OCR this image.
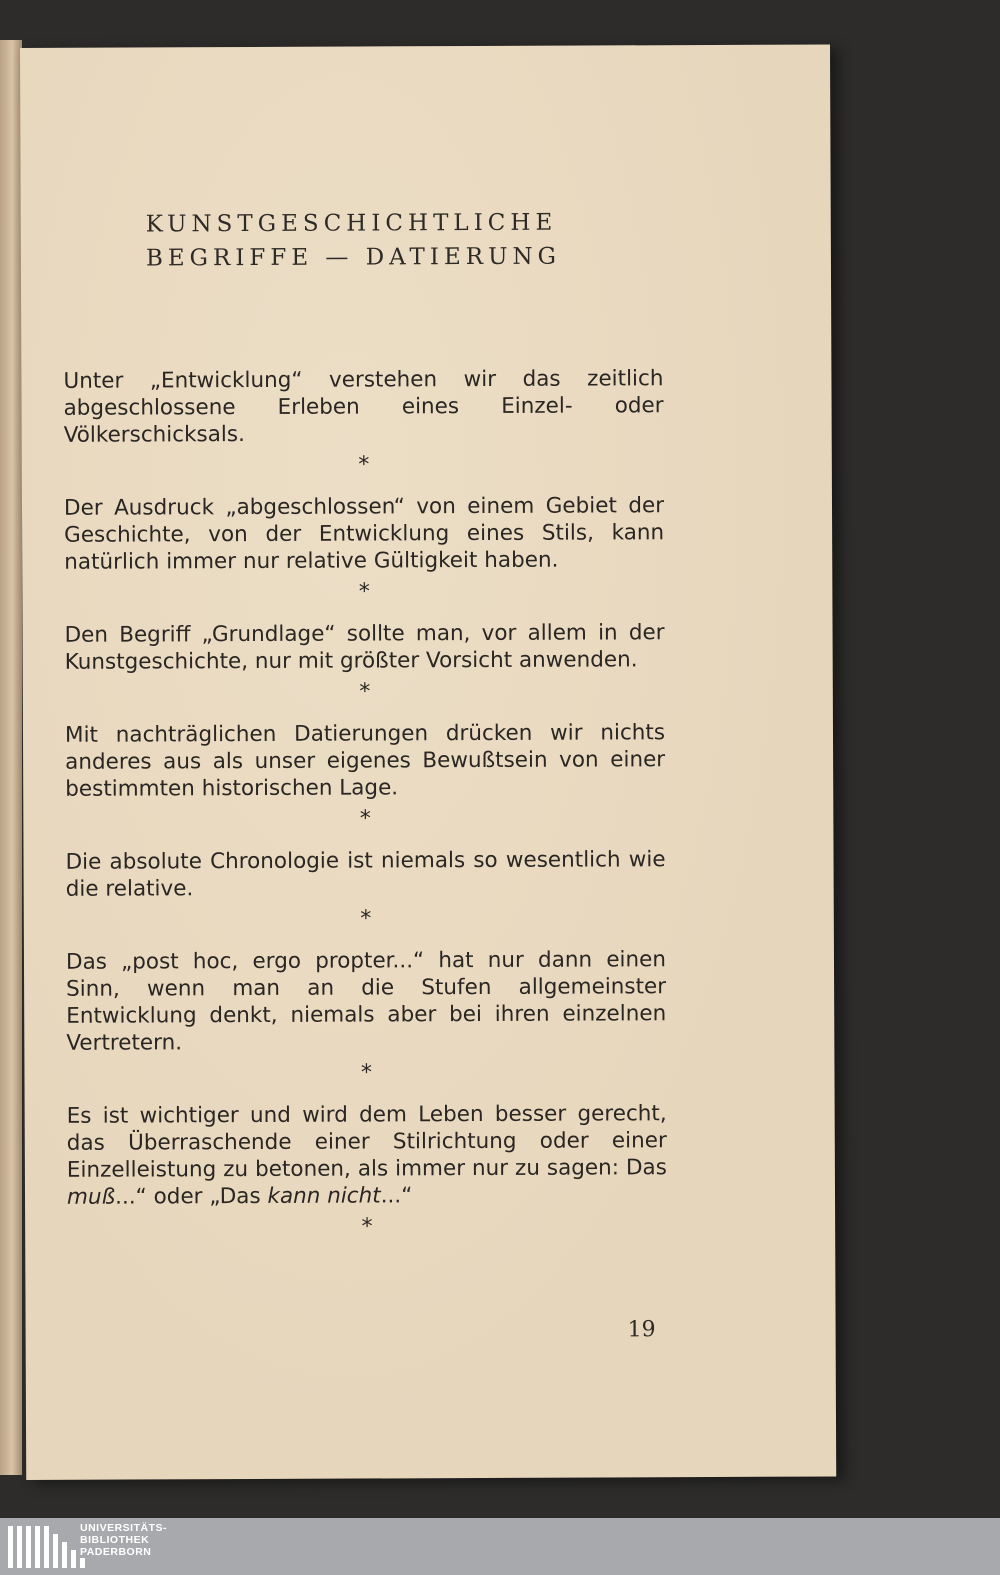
KUNSTGESCHICHTLICHE
BEGRIFFE — DATIERUNG

Unter „Entwicklung“ verstehen wir das zeitlich abgeschlossene Erleben eines Einzel- oder Völkerschicksals.

*

Der Ausdruck „abgeschlossen“ von einem Gebiet der Geschichte, von der Entwicklung eines Stils, kann natürlich immer nur relative Gültigkeit haben.

*

Den Begriff „Grundlage“ sollte man, vor allem in der Kunstgeschichte, nur mit größter Vorsicht anwenden.

*

Mit nachträglichen Datierungen drücken wir nichts anderes aus als unser eigenes Bewußtsein von einer bestimmten historischen Lage.

*

Die absolute Chronologie ist niemals so wesentlich wie die relative.

*

Das „post hoc, ergo propter...“ hat nur dann einen Sinn, wenn man an die Stufen allgemeinster Entwicklung denkt, niemals aber bei ihren einzelnen Vertretern.

*

Es ist wichtiger und wird dem Leben besser gerecht, das Überraschende einer Stilrichtung oder einer Einzelleistung zu betonen, als immer nur zu sagen: Das muß...“ oder „Das kann nicht...“

*
19
UNIVERSITÄTS-
BIBLIOTHEK
PADERBORN
